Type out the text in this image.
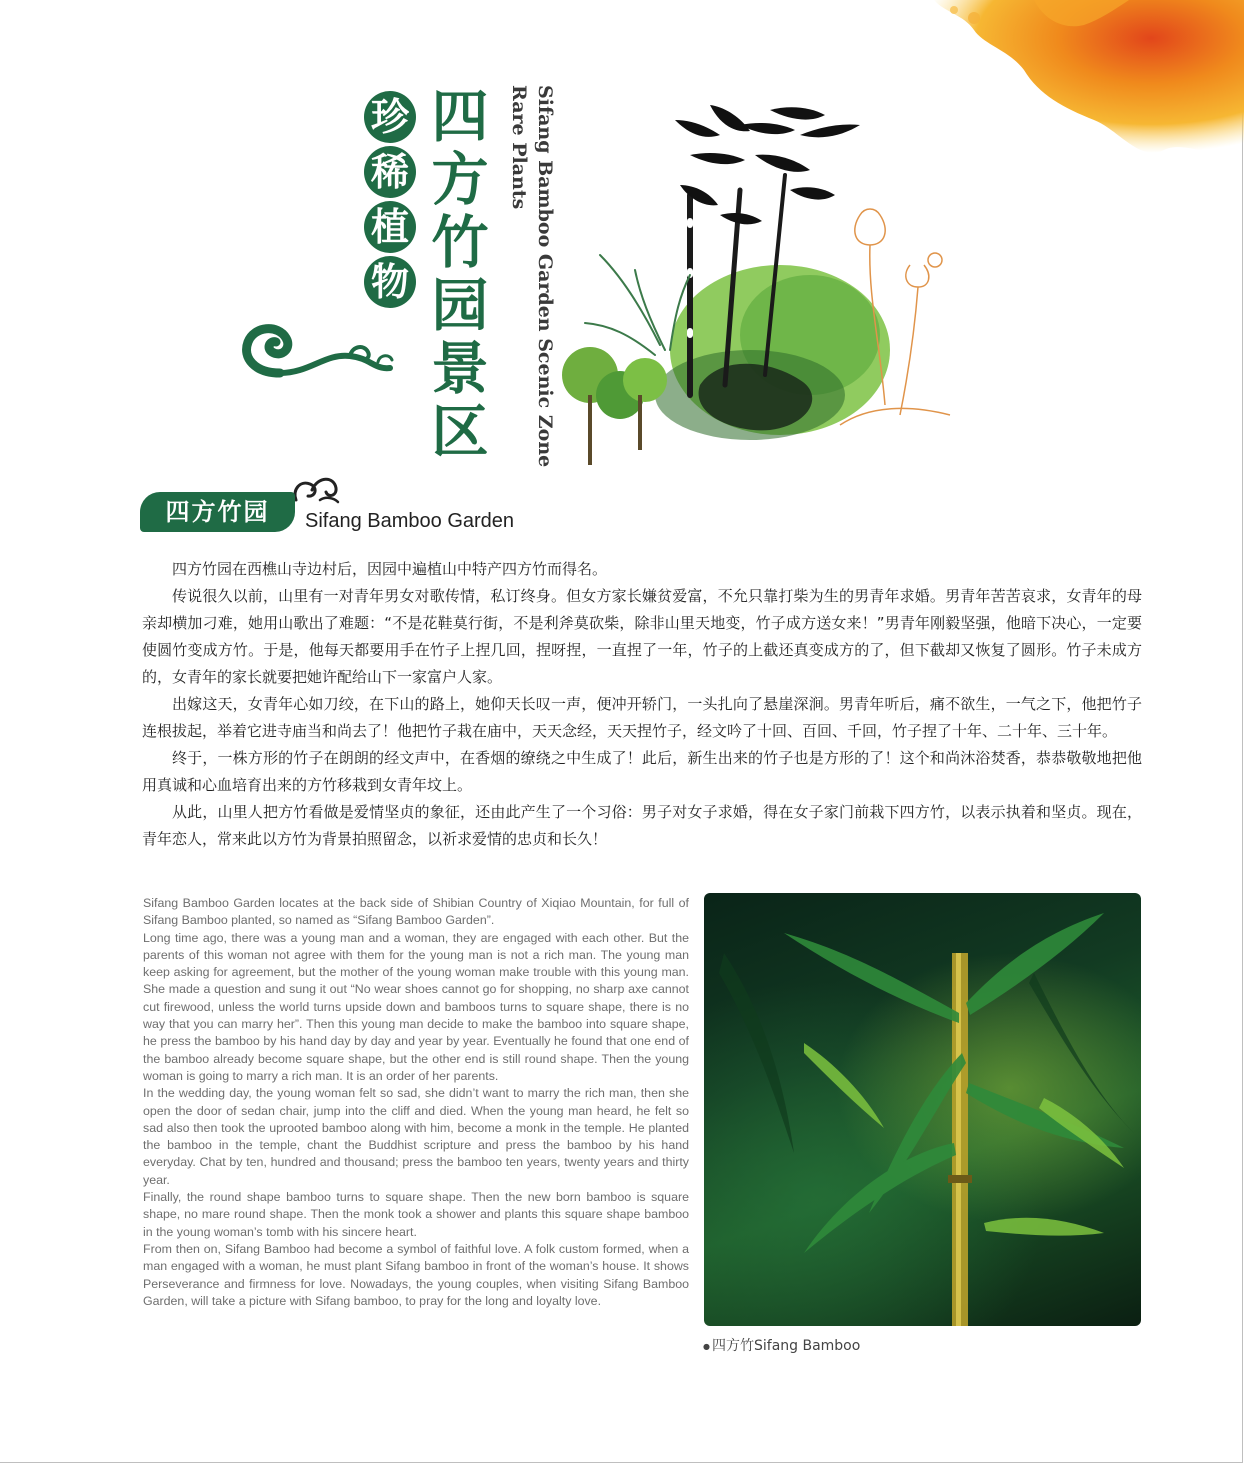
珍
稀
植
物
四
方
竹
园
景
区	Sifang Bamboo Garden Scenic Zone
Rare Plants
四方竹园	Sifang Bamboo Garden

四方竹园在西樵山寺边村后，因园中遍植山中特产四方竹而得名。

传说很久以前，山里有一对青年男女对歌传情，私订终身。但女方家长嫌贫爱富，不允只靠打柴为生的男青年求婚。男青年苦苦哀求，女青年的母亲却横加刁难，她用山歌出了难题：“不是花鞋莫行街，不是利斧莫砍柴，除非山里天地变，竹子成方送女来！”男青年刚毅坚强，他暗下决心，一定要使圆竹变成方竹。于是，他每天都要用手在竹子上捏几回，捏呀捏，一直捏了一年，竹子的上截还真变成方的了，但下截却又恢复了圆形。竹子未成方的，女青年的家长就要把她许配给山下一家富户人家。

出嫁这天，女青年心如刀绞，在下山的路上，她仰天长叹一声，便冲开轿门，一头扎向了悬崖深涧。男青年听后，痛不欲生，一气之下，他把竹子连根拔起，举着它进寺庙当和尚去了！他把竹子栽在庙中，天天念经，天天捏竹子，经文吟了十回、百回、千回，竹子捏了十年、二十年、三十年。

终于，一株方形的竹子在朗朗的经文声中，在香烟的缭绕之中生成了！此后，新生出来的竹子也是方形的了！这个和尚沐浴焚香，恭恭敬敬地把他用真诚和心血培育出来的方竹移栽到女青年坟上。

从此，山里人把方竹看做是爱情坚贞的象征，还由此产生了一个习俗：男子对女子求婚，得在女子家门前栽下四方竹，以表示执着和坚贞。现在，青年恋人，常来此以方竹为背景拍照留念，以祈求爱情的忠贞和长久！

Sifang Bamboo Garden locates at the back side of Shibian Country of Xiqiao Mountain, for full of Sifang Bamboo planted, so named as “Sifang Bamboo Garden”.

Long time ago, there was a young man and a woman, they are engaged with each other. But the parents of this woman not agree with them for the young man is not a rich man. The young man keep asking for agreement, but the mother of the young woman make trouble with this young man. She made a question and sung it out “No wear shoes cannot go for shopping, no sharp axe cannot cut firewood, unless the world turns upside down and bamboos turns to square shape, there is no way that you can marry her”. Then this young man decide to make the bamboo into square shape, he press the bamboo by his hand day by day and year by year. Eventually he found that one end of the bamboo already become square shape, but the other end is still round shape. Then the young woman is going to marry a rich man. It is an order of her parents.

In the wedding day, the young woman felt so sad, she didn’t want to marry the rich man, then she open the door of sedan chair, jump into the cliff and died. When the young man heard, he felt so sad also then took the uprooted bamboo along with him, become a monk in the temple. He planted the bamboo in the temple, chant the Buddhist scripture and press the bamboo by his hand everyday. Chat by ten, hundred and thousand; press the bamboo ten years, twenty years and thirty year.

Finally, the round shape bamboo turns to square shape. Then the new born bamboo is square shape, no mare round shape. Then the monk took a shower and plants this square shape bamboo in the young woman’s tomb with his sincere heart.

From then on, Sifang Bamboo had become a symbol of faithful love. A folk custom formed, when a man engaged with a woman, he must plant Sifang bamboo in front of the woman’s house. It shows Perseverance and firmness for love. Nowadays, the young couples, when visiting Sifang Bamboo Garden, will take a picture with Sifang bamboo, to pray for the long and loyalty love.

● 四方竹Sifang Bamboo
